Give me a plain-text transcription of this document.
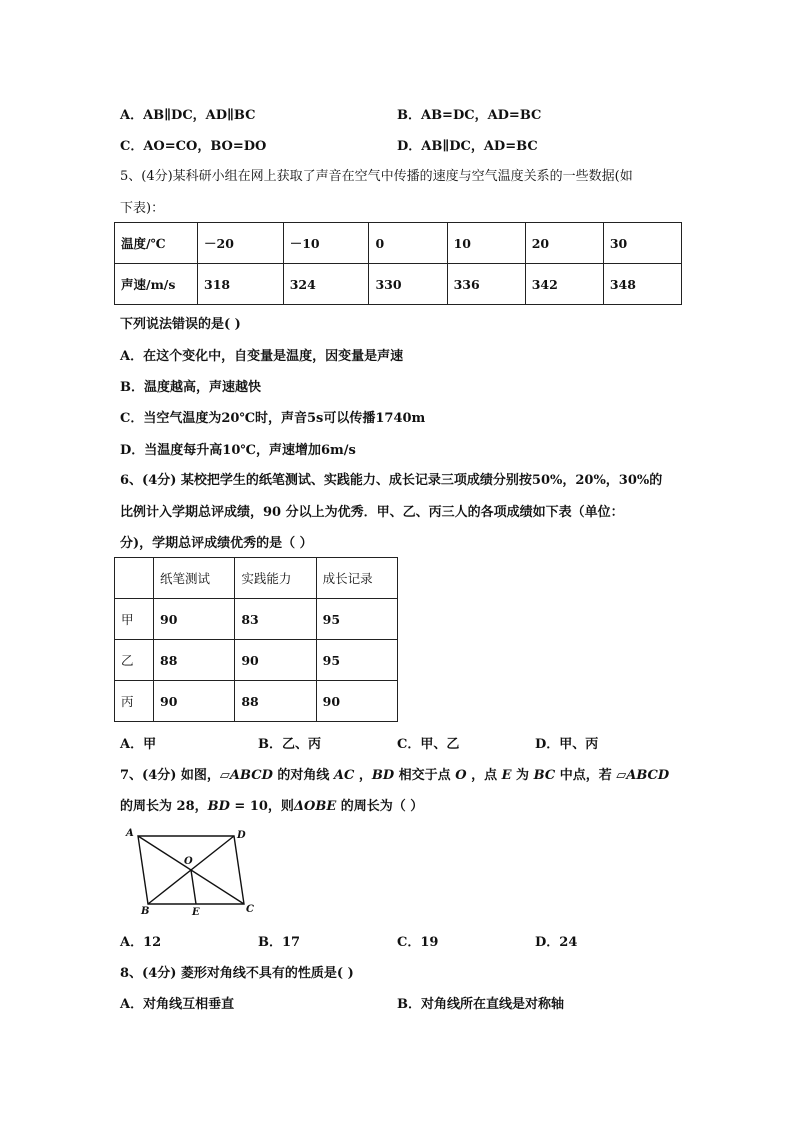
A．AB∥DC，AD∥BC	B．AB=DC，AD=BC
C．AO=CO，BO=DO	D．AB∥DC，AD=BC
5、(4分)某科研小组在网上获取了声音在空气中传播的速度与空气温度关系的一些数据(如
下表)：
温度/℃	－20	－10	0	10	20	30
声速/m/s	318	324	330	336	342	348
下列说法错误的是( )
A．在这个变化中，自变量是温度，因变量是声速
B．温度越高，声速越快
C．当空气温度为20℃时，声音5s可以传播1740m
D．当温度每升高10℃，声速增加6m/s
6、(4分) 某校把学生的纸笔测试、实践能力、成长记录三项成绩分别按50%，20%，30%的
比例计入学期总评成绩，90 分以上为优秀．甲、乙、丙三人的各项成绩如下表（单位：
分)，学期总评成绩优秀的是（ ）
	纸笔测试	实践能力	成长记录
甲	90	83	95
乙	88	90	95
丙	90	88	90
A．甲	B．乙、丙	C．甲、乙	D．甲、丙
7、(4分) 如图，▱ABCD 的对角线 AC ，BD 相交于点 O ，点 E 为 BC 中点，若 ▱ABCD
的周长为 28，BD = 10，则ΔOBE 的周长为（ ）
A	D
O
B	E	C
A．12	B．17	C．19	D．24
8、(4分) 菱形对角线不具有的性质是( )
A．对角线互相垂直	B．对角线所在直线是对称轴
